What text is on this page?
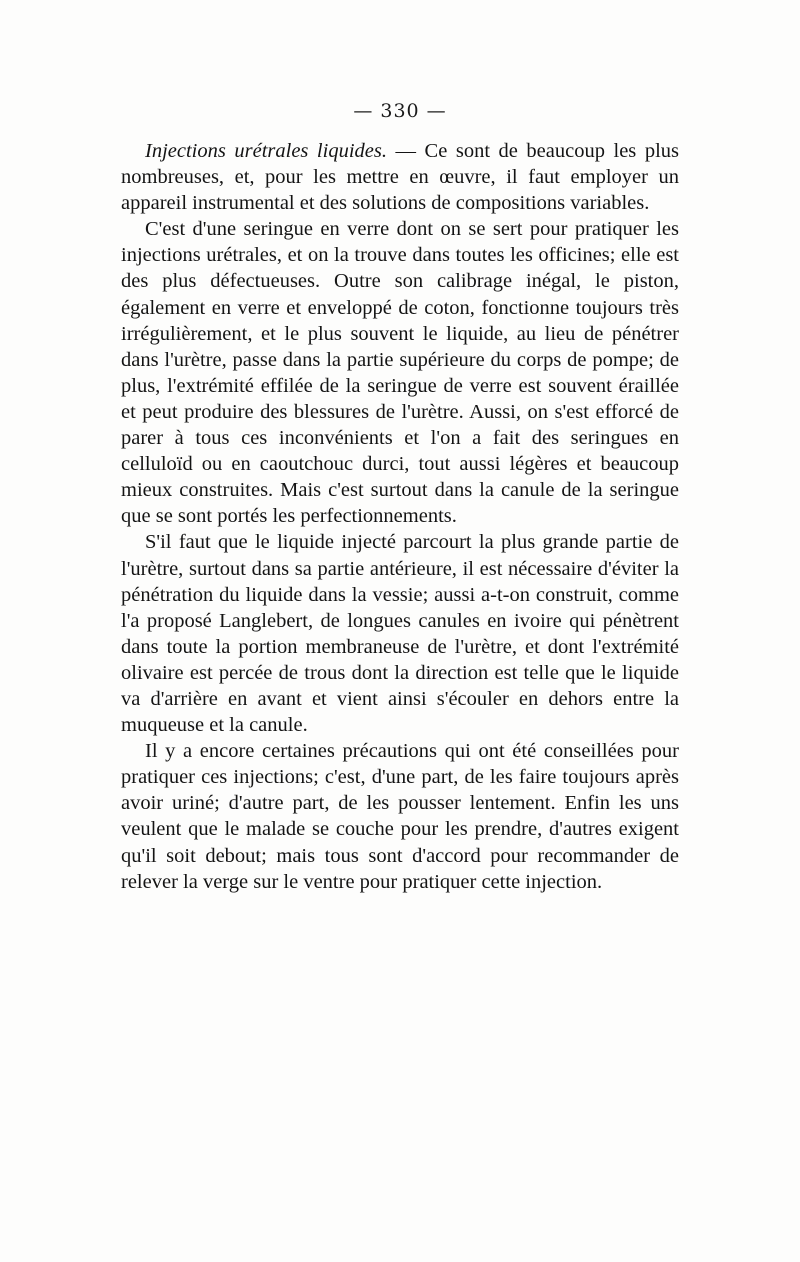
— 330 —

Injections urétrales liquides. — Ce sont de beaucoup les plus nombreuses, et, pour les mettre en œuvre, il faut employer un appareil instrumental et des solutions de compositions variables.

C'est d'une seringue en verre dont on se sert pour pratiquer les injections urétrales, et on la trouve dans toutes les officines; elle est des plus défectueuses. Outre son calibrage inégal, le piston, également en verre et enveloppé de coton, fonctionne toujours très irrégulièrement, et le plus souvent le liquide, au lieu de pénétrer dans l'urètre, passe dans la partie supérieure du corps de pompe; de plus, l'extrémité effilée de la seringue de verre est souvent éraillée et peut produire des blessures de l'urètre. Aussi, on s'est efforcé de parer à tous ces inconvénients et l'on a fait des seringues en celluloïd ou en caoutchouc durci, tout aussi légères et beaucoup mieux construites. Mais c'est surtout dans la canule de la seringue que se sont portés les perfectionnements.

S'il faut que le liquide injecté parcourt la plus grande partie de l'urètre, surtout dans sa partie antérieure, il est nécessaire d'éviter la pénétration du liquide dans la vessie; aussi a-t-on construit, comme l'a proposé Langlebert, de longues canules en ivoire qui pénètrent dans toute la portion membraneuse de l'urètre, et dont l'extrémité olivaire est percée de trous dont la direction est telle que le liquide va d'arrière en avant et vient ainsi s'écouler en dehors entre la muqueuse et la canule.

Il y a encore certaines précautions qui ont été conseillées pour pratiquer ces injections; c'est, d'une part, de les faire toujours après avoir uriné; d'autre part, de les pousser lentement. Enfin les uns veulent que le malade se couche pour les prendre, d'autres exigent qu'il soit debout; mais tous sont d'accord pour recommander de relever la verge sur le ventre pour pratiquer cette injection.
